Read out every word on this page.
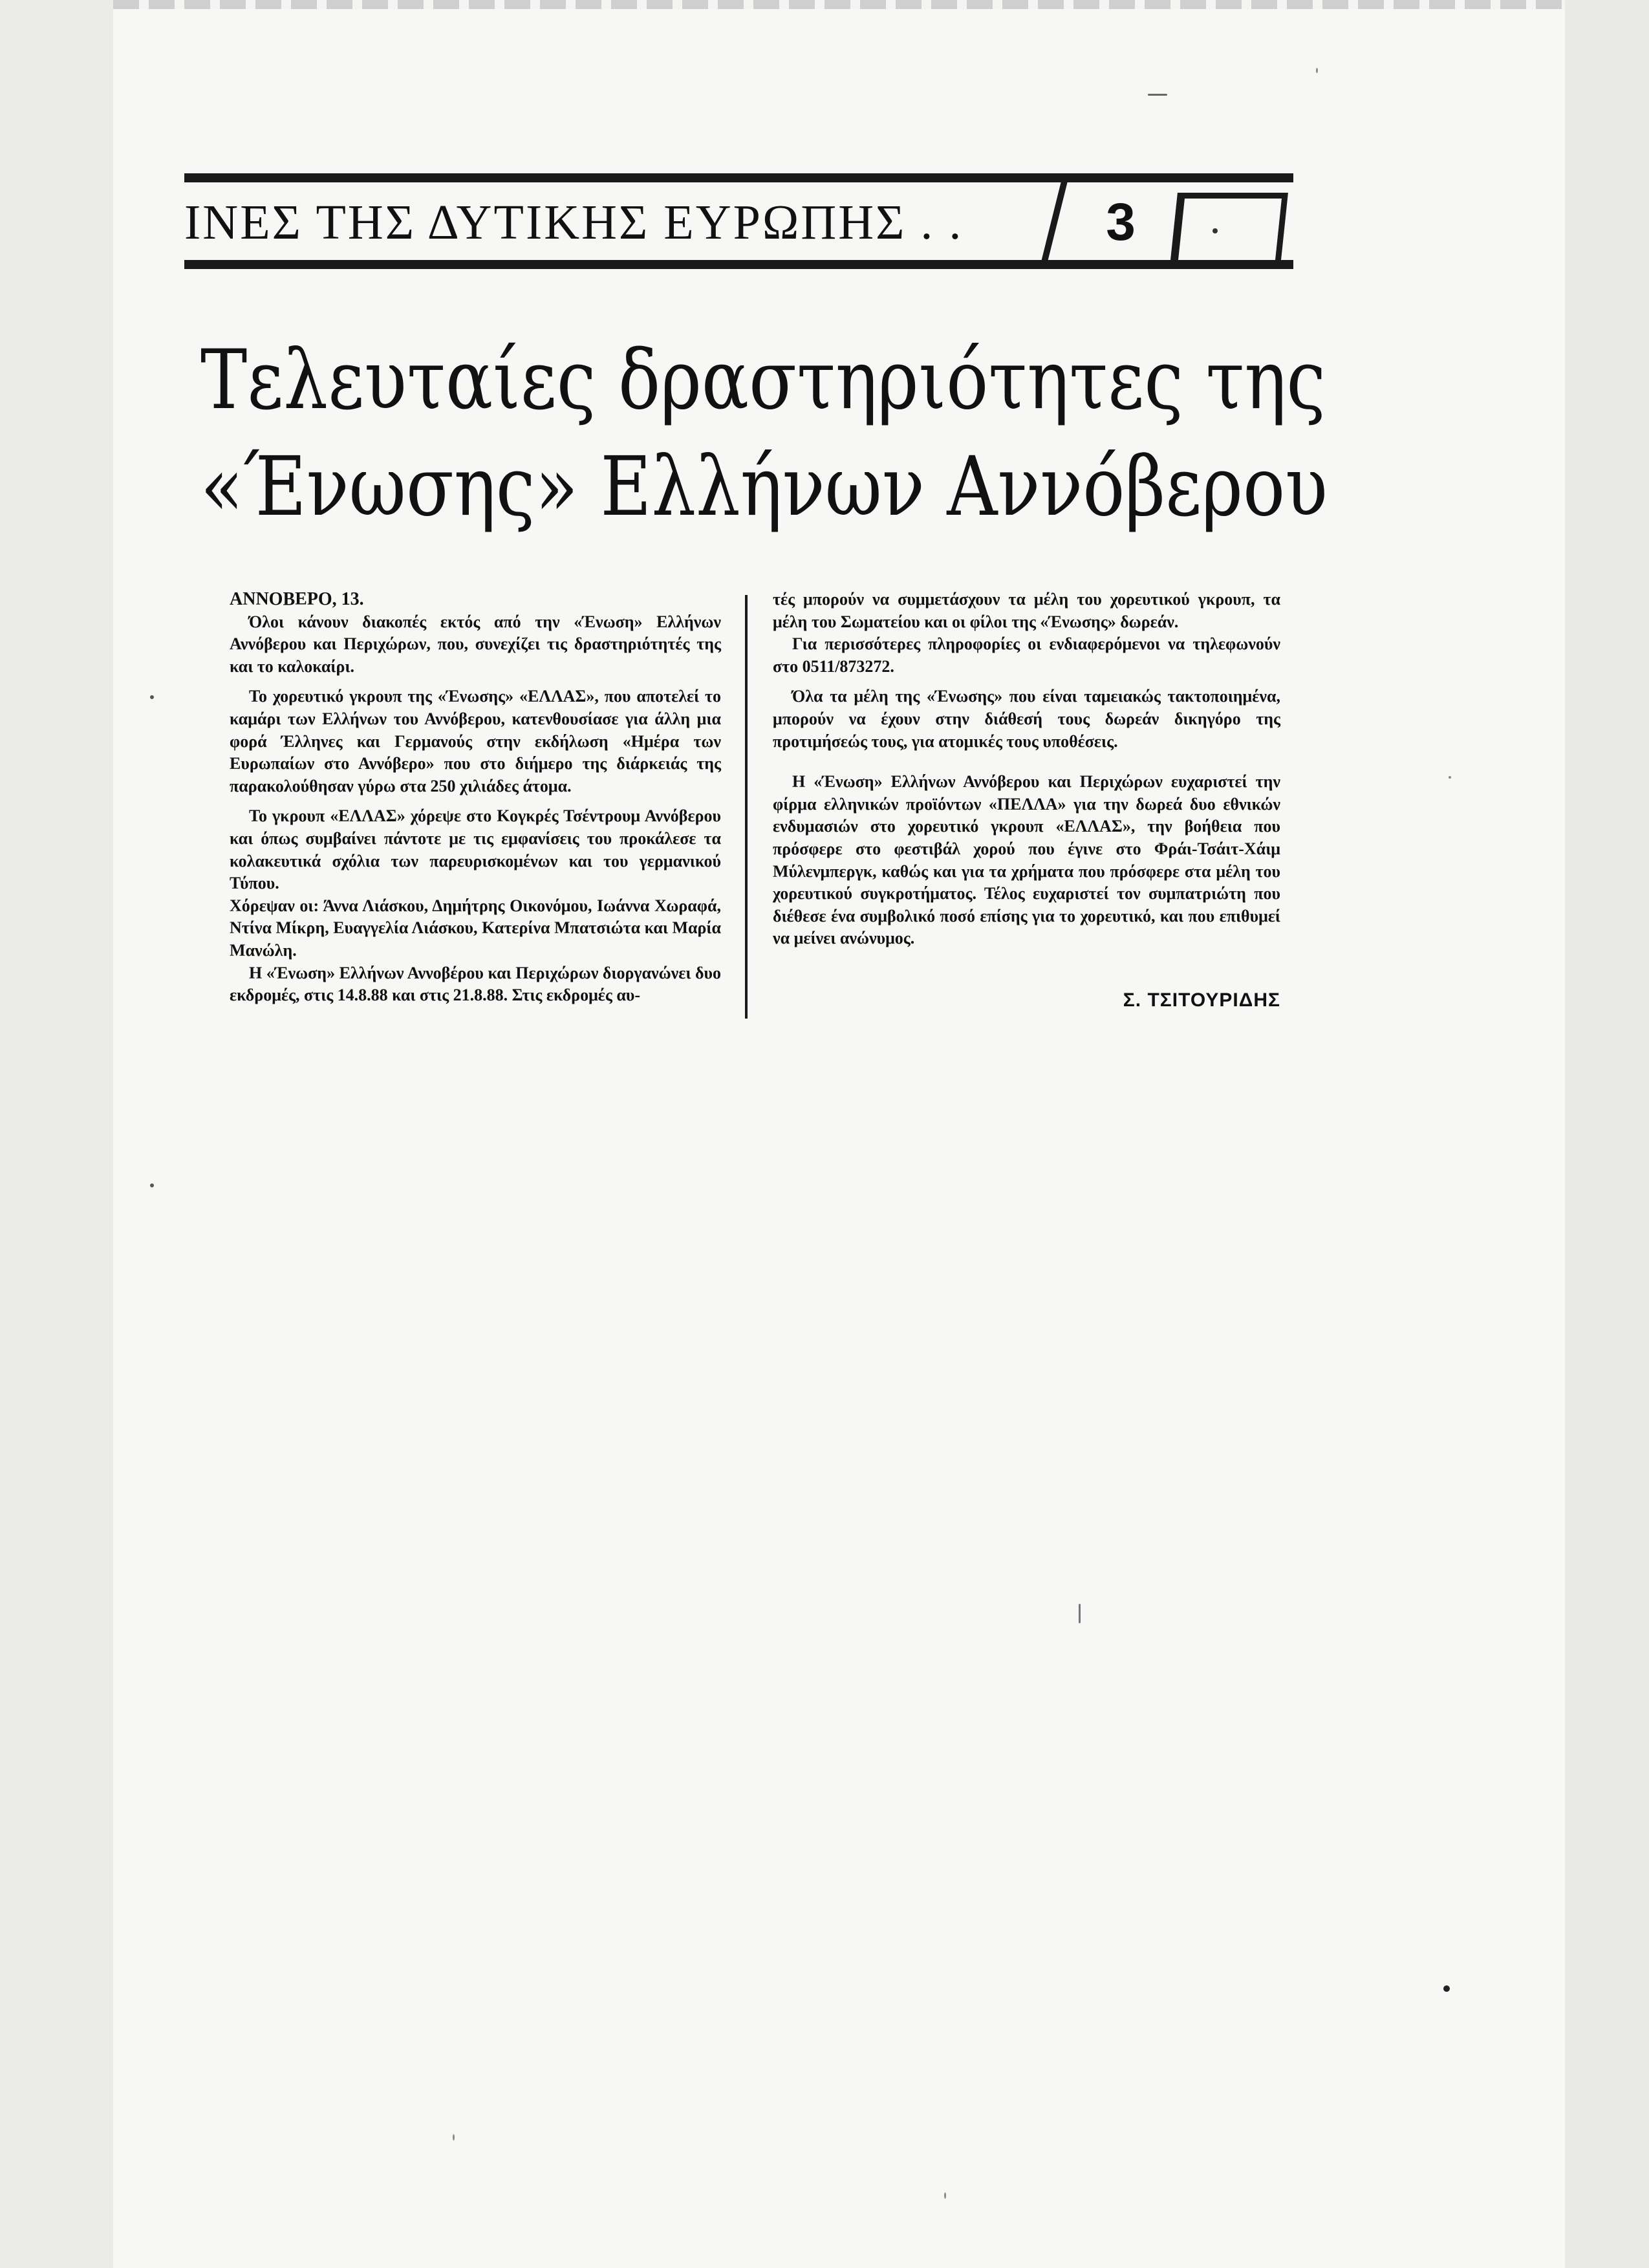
ΙΝΕΣ ΤΗΣ ΔΥΤΙΚΗΣ ΕΥΡΩΠΗΣ . .	3
Τελευταίες δραστηριότητες της
«Ένωσης» Ελλήνων Αννόβερου

ΑΝΝΟΒΕΡΟ, 13.

Όλοι κάνουν διακοπές εκτός από την «Ένωση» Ελλήνων Αννόβερου και Περιχώρων, που, συνεχίζει τις δραστηριότητές της και το καλοκαίρι.

Το χορευτικό γκρουπ της «Ένωσης» «ΕΛΛΑΣ», που αποτελεί το καμάρι των Ελλήνων του Αννόβερου, κατενθουσίασε για άλλη μια φορά Έλληνες και Γερμανούς στην εκδήλωση «Ημέρα των Ευρωπαίων στο Αννόβερο» που στο διήμερο της διάρκειάς της παρακολούθησαν γύρω στα 250 χιλιάδες άτομα.

Το γκρουπ «ΕΛΛΑΣ» χόρεψε στο Κογκρές Τσέντρουμ Αννόβερου και όπως συμβαίνει πάντοτε με τις εμφανίσεις του προκάλεσε τα κολακευτικά σχόλια των παρευρισκομένων και του γερμανικού Τύπου.

Χόρεψαν οι: Άννα Λιάσκου, Δημήτρης Οικονόμου, Ιωάννα Χωραφά, Ντίνα Μίκρη, Ευαγγελία Λιάσκου, Κατερίνα Μπατσιώτα και Μαρία Μανώλη.

Η «Ένωση» Ελλήνων Αννοβέρου και Περιχώρων διοργανώνει δυο εκδρομές, στις 14.8.88 και στις 21.8.88. Στις εκδρομές αυ-

τές μπορούν να συμμετάσχουν τα μέλη του χορευτικού γκρουπ, τα μέλη του Σωματείου και οι φίλοι της «Ένωσης» δωρεάν.

Για περισσότερες πληροφορίες οι ενδιαφερόμενοι να τηλεφωνούν στο 0511/873272.

Όλα τα μέλη της «Ένωσης» που είναι ταμειακώς τακτοποιημένα, μπορούν να έχουν στην διάθεσή τους δωρεάν δικηγόρο της προτιμήσεώς τους, για ατομικές τους υποθέσεις.

Η «Ένωση» Ελλήνων Αννόβερου και Περιχώρων ευχαριστεί την φίρμα ελληνικών προϊόντων «ΠΕΛΛΑ» για την δωρεά δυο εθνικών ενδυμασιών στο χορευτικό γκρουπ «ΕΛΛΑΣ», την βοήθεια που πρόσφερε στο φεστιβάλ χορού που έγινε στο Φράι-Τσάιτ-Χάιμ Μύλενμπεργκ, καθώς και για τα χρήματα που πρόσφερε στα μέλη του χορευτικού συγκροτήματος. Τέλος ευχαριστεί τον συμπατριώτη που διέθεσε ένα συμβολικό ποσό επίσης για το χορευτικό, και που επιθυμεί να μείνει ανώνυμος.

Σ. ΤΣΙΤΟΥΡΙΔΗΣ
